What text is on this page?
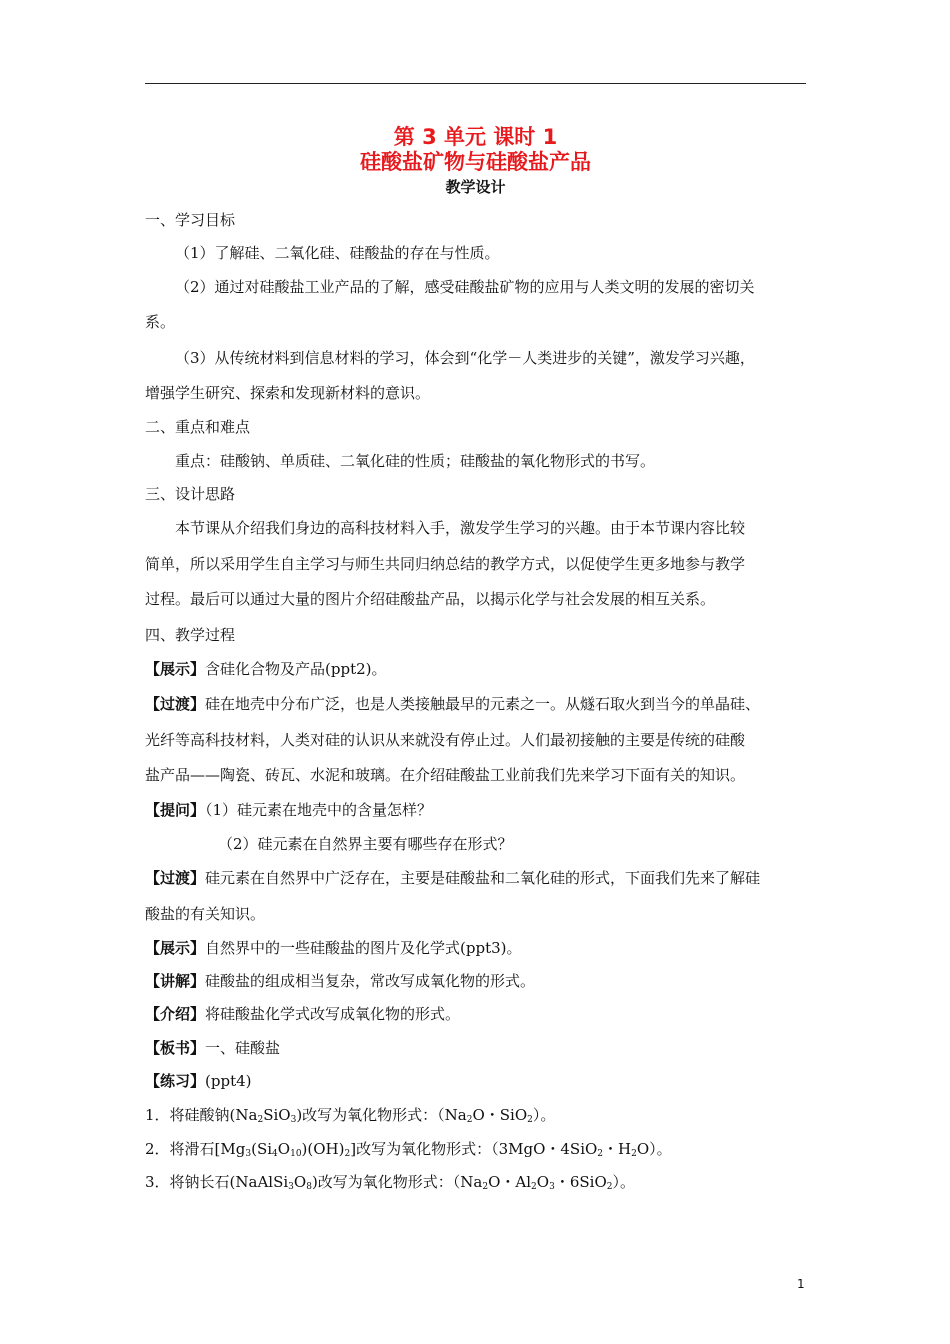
第 3 单元 课时 1
硅酸盐矿物与硅酸盐产品
教学设计
一、学习目标
（1）了解硅、二氧化硅、硅酸盐的存在与性质。
（2）通过对硅酸盐工业产品的了解，感受硅酸盐矿物的应用与人类文明的发展的密切关
系。
（3）从传统材料到信息材料的学习，体会到“化学－人类进步的关键”，激发学习兴趣，
增强学生研究、探索和发现新材料的意识。
二、重点和难点
重点：硅酸钠、单质硅、二氧化硅的性质；硅酸盐的氧化物形式的书写。
三、设计思路
本节课从介绍我们身边的高科技材料入手，激发学生学习的兴趣。由于本节课内容比较
简单，所以采用学生自主学习与师生共同归纳总结的教学方式，以促使学生更多地参与教学
过程。最后可以通过大量的图片介绍硅酸盐产品，以揭示化学与社会发展的相互关系。
四、教学过程
【展示】含硅化合物及产品(ppt2)。
【过渡】硅在地壳中分布广泛，也是人类接触最早的元素之一。从燧石取火到当今的单晶硅、
光纤等高科技材料，人类对硅的认识从来就没有停止过。人们最初接触的主要是传统的硅酸
盐产品——陶瓷、砖瓦、水泥和玻璃。在介绍硅酸盐工业前我们先来学习下面有关的知识。
【提问】（1）硅元素在地壳中的含量怎样？
（2）硅元素在自然界主要有哪些存在形式？
【过渡】硅元素在自然界中广泛存在，主要是硅酸盐和二氧化硅的形式，下面我们先来了解硅
酸盐的有关知识。
【展示】自然界中的一些硅酸盐的图片及化学式(ppt3)。
【讲解】硅酸盐的组成相当复杂，常改写成氧化物的形式。
【介绍】将硅酸盐化学式改写成氧化物的形式。
【板书】一、硅酸盐
【练习】(ppt4)
1．将硅酸钠$(Na_2SiO_3)$改写为氧化物形式：（$Na_2O$・SiO$_2$）。
2．将滑石$[Mg_3(Si_4O_{10})(OH)_2]$改写为氧化物形式：（3MgO・4SiO$_2$・$H_2O$）。
3．将钠长石$(NaAlSi_3O_8)$改写为氧化物形式：（$Na_2O$・$Al_2O_3$・6SiO$_2$）。
1
